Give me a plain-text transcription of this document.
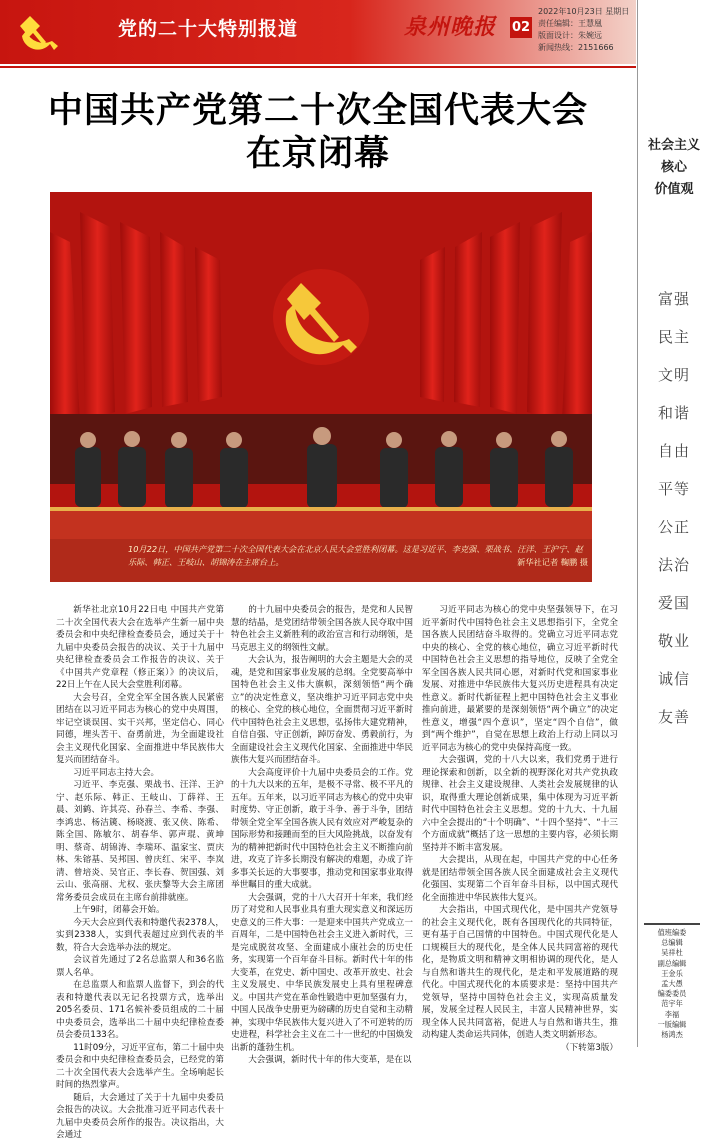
党的二十大特别报道	泉州晚报 02
2022年10月23日 星期日
责任编辑：王慧凰
版面设计：朱婉远
新闻热线：2151666
中国共产党第二十次全国代表大会
在京闭幕
10月22日，中国共产党第二十次全国代表大会在北京人民大会堂胜利闭幕。这是习近平、李克强、栗战书、汪洋、王沪宁、赵乐际、韩正、王岐山、胡锦涛在主席台上。	新华社记者 鞠鹏 摄
社会主义
核心
价值观
富强
民主
文明
和谐
自由
平等
公正
法治
爱国
敬业
诚信
友善
值班编委
总编辑
吴祥杜
副总编辑
王金乐
孟大愚
编委委员
范宇年
李福
一版编辑
杨鸿杰

新华社北京10月22日电 中国共产党第二十次全国代表大会在选举产生新一届中央委员会和中央纪律检查委员会，通过关于十九届中央委员会报告的决议、关于十九届中央纪律检查委员会工作报告的决议、关于《中国共产党章程（修正案）》的决议后，22日上午在人民大会堂胜利闭幕。

大会号召，全党全军全国各族人民紧密团结在以习近平同志为核心的党中央周围，牢记空谈误国、实干兴邦，坚定信心、同心同德，埋头苦干、奋勇前进，为全面建设社会主义现代化国家、全面推进中华民族伟大复兴而团结奋斗。

习近平同志主持大会。

习近平、李克强、栗战书、汪洋、王沪宁、赵乐际、韩正、王岐山、丁薛祥、王晨、刘鹤、许其亮、孙春兰、李希、李强、李鸿忠、杨洁篪、杨晓渡、张又侠、陈希、陈全国、陈敏尔、胡春华、郭声琨、黄坤明、蔡奇、胡锦涛、李瑞环、温家宝、贾庆林、朱镕基、吴邦国、曾庆红、宋平、李岚清、曾培炎、吴官正、李长春、贺国强、刘云山、张高丽、尤权、张庆黎等大会主席团常务委员会成员在主席台前排就座。

上午9时，闭幕会开始。

今天大会应到代表和特邀代表2378人，实到2338人，实到代表超过应到代表的半数，符合大会选举办法的规定。

会议首先通过了2名总监票人和36名监票人名单。

在总监票人和监票人监督下，到会的代表和特邀代表以无记名投票方式，选举出205名委员、171名候补委员组成的二十届中央委员会，选举出二十届中央纪律检查委员会委员133名。

11时09分，习近平宣布，第二十届中央委员会和中央纪律检查委员会，已经党的第二十次全国代表大会选举产生。全场响起长时间的热烈掌声。

随后，大会通过了关于十九届中央委员会报告的决议。大会批准习近平同志代表十九届中央委员会所作的报告。决议指出，大会通过

的十九届中央委员会的报告，是党和人民智慧的结晶，是党团结带领全国各族人民夺取中国特色社会主义新胜利的政治宣言和行动纲领，是马克思主义的纲领性文献。

大会认为，报告阐明的大会主题是大会的灵魂，是党和国家事业发展的总纲。全党要高举中国特色社会主义伟大旗帜，深刻领悟“两个确立”的决定性意义，坚决维护习近平同志党中央的核心、全党的核心地位，全面贯彻习近平新时代中国特色社会主义思想，弘扬伟大建党精神，自信自强、守正创新，踔厉奋发、勇毅前行，为全面建设社会主义现代化国家、全面推进中华民族伟大复兴而团结奋斗。

大会高度评价十九届中央委员会的工作。党的十九大以来的五年，是极不寻常、极不平凡的五年。五年来，以习近平同志为核心的党中央审时度势、守正创新，敢于斗争、善于斗争，团结带领全党全军全国各族人民有效应对严峻复杂的国际形势和接踵而至的巨大风险挑战，以奋发有为的精神把新时代中国特色社会主义不断推向前进，攻克了许多长期没有解决的难题，办成了许多事关长远的大事要事，推动党和国家事业取得举世瞩目的重大成就。

大会强调，党的十八大召开十年来，我们经历了对党和人民事业具有重大现实意义和深远历史意义的三件大事：一是迎来中国共产党成立一百周年，二是中国特色社会主义进入新时代，三是完成脱贫攻坚、全面建成小康社会的历史任务，实现第一个百年奋斗目标。新时代十年的伟大变革，在党史、新中国史、改革开放史、社会主义发展史、中华民族发展史上具有里程碑意义。中国共产党在革命性锻造中更加坚强有力，中国人民战争史册更为磅礴的历史自觉和主动精神，实现中华民族伟大复兴进入了不可逆转的历史进程，科学社会主义在二十一世纪的中国焕发出新的蓬勃生机。

大会强调，新时代十年的伟大变革，是在以

习近平同志为核心的党中央坚强领导下，在习近平新时代中国特色社会主义思想指引下，全党全国各族人民团结奋斗取得的。党确立习近平同志党中央的核心、全党的核心地位，确立习近平新时代中国特色社会主义思想的指导地位，反映了全党全军全国各族人民共同心愿，对新时代党和国家事业发展、对推进中华民族伟大复兴历史进程具有决定性意义。新时代新征程上把中国特色社会主义事业推向前进，最紧要的是深刻领悟“两个确立”的决定性意义，增强“四个意识”，坚定“四个自信”，做到“两个维护”，自觉在思想上政治上行动上同以习近平同志为核心的党中央保持高度一致。

大会强调，党的十八大以来，我们党勇于进行理论探索和创新，以全新的视野深化对共产党执政规律、社会主义建设规律、人类社会发展规律的认识，取得重大理论创新成果，集中体现为习近平新时代中国特色社会主义思想。党的十九大、十九届六中全会提出的“十个明确”、“十四个坚持”、“十三个方面成就”概括了这一思想的主要内容，必须长期坚持并不断丰富发展。

大会提出，从现在起，中国共产党的中心任务就是团结带领全国各族人民全面建成社会主义现代化强国、实现第二个百年奋斗目标，以中国式现代化全面推进中华民族伟大复兴。

大会指出，中国式现代化，是中国共产党领导的社会主义现代化，既有各国现代化的共同特征，更有基于自己国情的中国特色。中国式现代化是人口规模巨大的现代化，是全体人民共同富裕的现代化，是物质文明和精神文明相协调的现代化，是人与自然和谐共生的现代化，是走和平发展道路的现代化。中国式现代化的本质要求是：坚持中国共产党领导，坚持中国特色社会主义，实现高质量发展，发展全过程人民民主，丰富人民精神世界，实现全体人民共同富裕，促进人与自然和谐共生，推动构建人类命运共同体，创造人类文明新形态。

（下转第3版）
